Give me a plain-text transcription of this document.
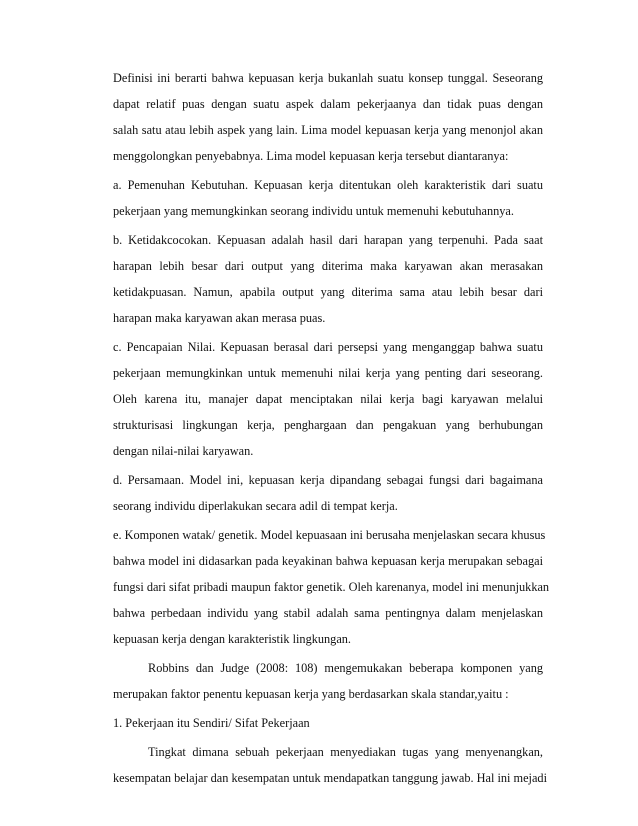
Definisi ini berarti bahwa kepuasan kerja bukanlah suatu konsep tunggal. Seseorang
dapat relatif puas dengan suatu aspek dalam pekerjaanya dan tidak puas dengan
salah satu atau lebih aspek yang lain. Lima model kepuasan kerja yang menonjol akan
menggolongkan penyebabnya. Lima model kepuasan kerja tersebut diantaranya:
a. Pemenuhan Kebutuhan. Kepuasan kerja ditentukan oleh karakteristik dari suatu
pekerjaan yang memungkinkan seorang individu untuk memenuhi kebutuhannya.
b. Ketidakcocokan. Kepuasan adalah hasil dari harapan yang terpenuhi. Pada saat
harapan lebih besar dari output yang diterima maka karyawan akan merasakan
ketidakpuasan. Namun, apabila output yang diterima sama atau lebih besar dari
harapan maka karyawan akan merasa puas.
c. Pencapaian Nilai. Kepuasan berasal dari persepsi yang menganggap bahwa suatu
pekerjaan memungkinkan untuk memenuhi nilai kerja yang penting dari seseorang.
Oleh karena itu, manajer dapat menciptakan nilai kerja bagi karyawan melalui
strukturisasi lingkungan kerja, penghargaan dan pengakuan yang berhubungan
dengan nilai-nilai karyawan.
d. Persamaan. Model ini, kepuasan kerja dipandang sebagai fungsi dari bagaimana
seorang individu diperlakukan secara adil di tempat kerja.
e. Komponen watak/ genetik. Model kepuasaan ini berusaha menjelaskan secara khusus
bahwa model ini didasarkan pada keyakinan bahwa kepuasan kerja merupakan sebagai
fungsi dari sifat pribadi maupun faktor genetik. Oleh karenanya, model ini menunjukkan
bahwa perbedaan individu yang stabil adalah sama pentingnya dalam menjelaskan
kepuasan kerja dengan karakteristik lingkungan.
Robbins dan Judge (2008: 108) mengemukakan beberapa komponen yang
merupakan faktor penentu kepuasan kerja yang berdasarkan skala standar,yaitu :
1. Pekerjaan itu Sendiri/ Sifat Pekerjaan
Tingkat dimana sebuah pekerjaan menyediakan tugas yang menyenangkan,
kesempatan belajar dan kesempatan untuk mendapatkan tanggung jawab. Hal ini mejadi
